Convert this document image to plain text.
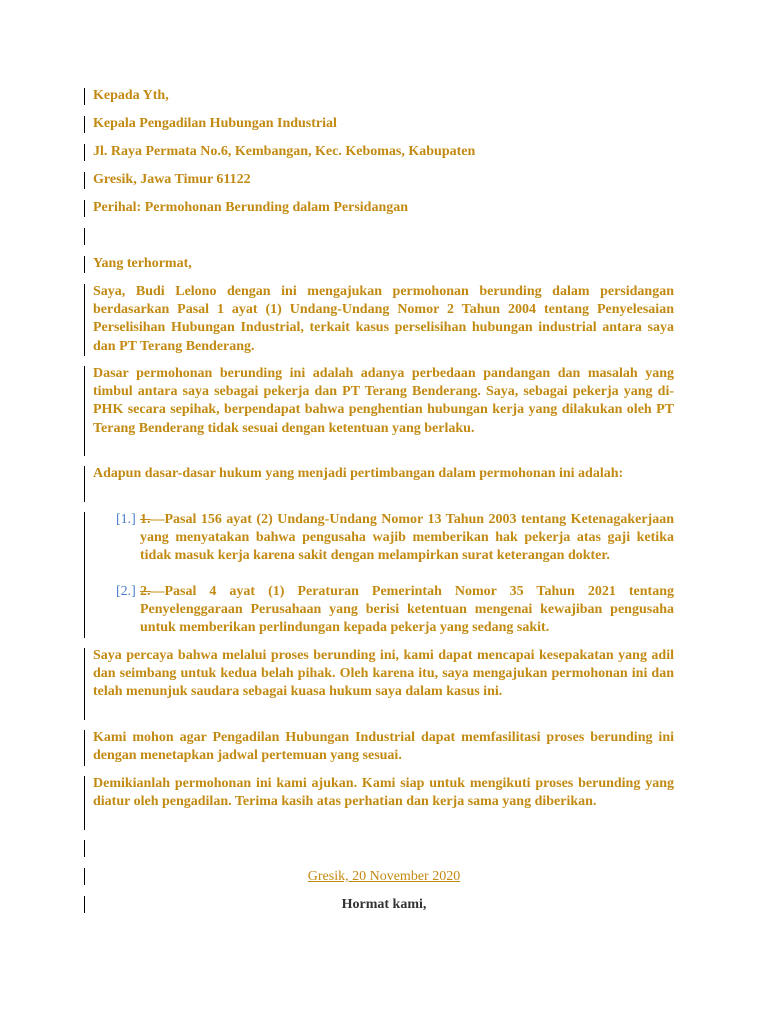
Kepada Yth,
Kepala Pengadilan Hubungan Industrial
Jl. Raya Permata No.6, Kembangan, Kec. Kebomas, Kabupaten
Gresik, Jawa Timur 61122
Perihal: Permohonan Berunding dalam Persidangan
Yang terhormat,
Saya, Budi Lelono dengan ini mengajukan permohonan berunding dalam persidangan berdasarkan Pasal 1 ayat (1) Undang-Undang Nomor 2 Tahun 2004 tentang Penyelesaian Perselisihan Hubungan Industrial, terkait kasus perselisihan hubungan industrial antara saya dan PT Terang Benderang.
Dasar permohonan berunding ini adalah adanya perbedaan pandangan dan masalah yang timbul antara saya sebagai pekerja dan PT Terang Benderang. Saya, sebagai pekerja yang di-PHK secara sepihak, berpendapat bahwa penghentian hubungan kerja yang dilakukan oleh PT Terang Benderang tidak sesuai dengan ketentuan yang berlaku.
Adapun dasar-dasar hukum yang menjadi pertimbangan dalam permohonan ini adalah:
[1.] 1.—Pasal 156 ayat (2) Undang-Undang Nomor 13 Tahun 2003 tentang Ketenagakerjaan yang menyatakan bahwa pengusaha wajib memberikan hak pekerja atas gaji ketika tidak masuk kerja karena sakit dengan melampirkan surat keterangan dokter.
[2.] 2.—Pasal 4 ayat (1) Peraturan Pemerintah Nomor 35 Tahun 2021 tentang Penyelenggaraan Perusahaan yang berisi ketentuan mengenai kewajiban pengusaha untuk memberikan perlindungan kepada pekerja yang sedang sakit.
Saya percaya bahwa melalui proses berunding ini, kami dapat mencapai kesepakatan yang adil dan seimbang untuk kedua belah pihak. Oleh karena itu, saya mengajukan permohonan ini dan telah menunjuk saudara sebagai kuasa hukum saya dalam kasus ini.
Kami mohon agar Pengadilan Hubungan Industrial dapat memfasilitasi proses berunding ini dengan menetapkan jadwal pertemuan yang sesuai.
Demikianlah permohonan ini kami ajukan. Kami siap untuk mengikuti proses berunding yang diatur oleh pengadilan. Terima kasih atas perhatian dan kerja sama yang diberikan.
Gresik, 20 November 2020
Hormat kami,
